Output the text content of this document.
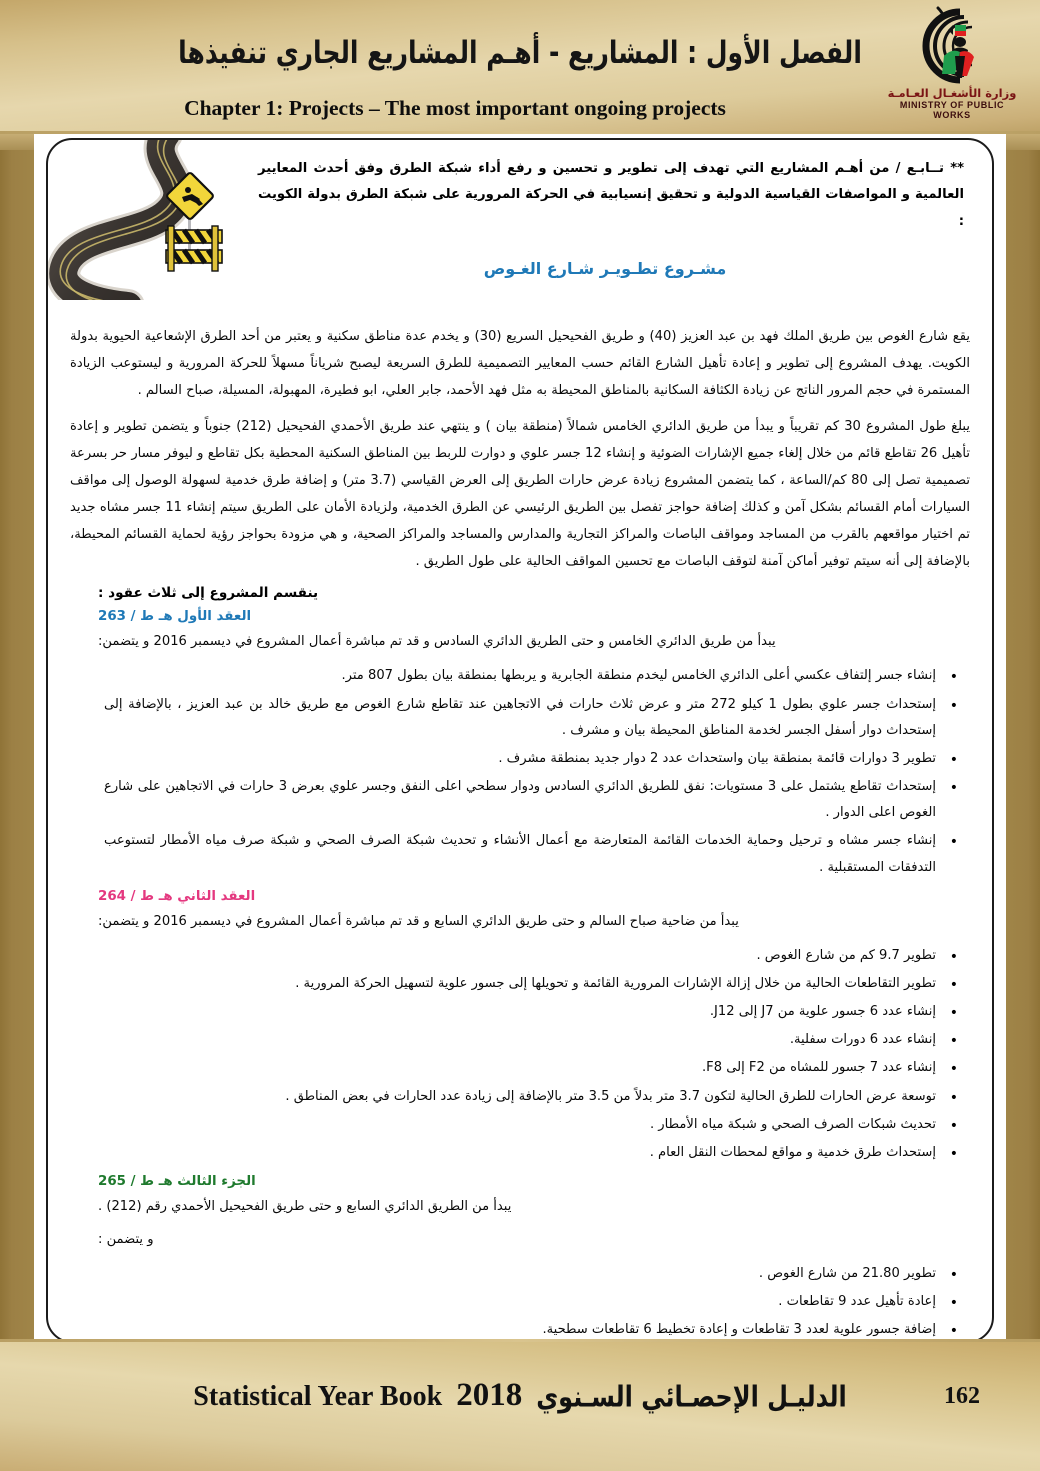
الفصل الأول : المشاريع - أهـم المشاريع الجاري تنفيذها
Chapter 1: Projects – The most important ongoing projects
وزارة الأشغـال العـامـة
MINISTRY OF PUBLIC WORKS
** تــابـع / من أهـم المشاريع التي تهدف إلى تطوير و تحسين و رفع أداء شبكة الطرق وفق أحدث المعايير العالمية و المواصفات القياسية الدولية و تحقيق إنسيابية في الحركة المرورية على شبكة الطرق بدولة الكويت :
مشـروع تطـويـر شـارع الغـوص

يقع شارع الغوص بين طريق الملك فهد بن عبد العزيز (40) و طريق الفحيحيل السريع (30) و يخدم عدة مناطق سكنية و يعتبر من أحد الطرق الإشعاعية الحيوية بدولة الكويت. يهدف المشروع إلى تطوير و إعادة تأهيل الشارع القائم حسب المعايير التصميمية للطرق السريعة ليصبح شرياناً مسهلاً للحركة المرورية و ليستوعب الزيادة المستمرة في حجم المرور الناتج عن زيادة الكثافة السكانية بالمناطق المحيطة به مثل فهد الأحمد، جابر العلي، ابو فطيرة، المهبولة، المسيلة، صباح السالم .

يبلغ طول المشروع 30 كم تقريباً و يبدأ من طريق الدائري الخامس شمالاً (منطقة بيان ) و ينتهي عند طريق الأحمدي الفحيحيل (212) جنوباً و يتضمن تطوير و إعادة تأهيل 26 تقاطع قائم من خلال إلغاء جميع الإشارات الضوئية و إنشاء 12 جسر علوي و دوارت للربط بين المناطق السكنية المحطية بكل تقاطع و ليوفر مسار حر بسرعة تصميمية تصل إلى 80 كم/الساعة ، كما يتضمن المشروع زيادة عرض حارات الطريق إلى العرض القياسي (3.7 متر) و إضافة طرق خدمية لسهولة الوصول إلى مواقف السيارات أمام القسائم بشكل آمن و كذلك إضافة حواجز تفصل بين الطريق الرئيسي عن الطرق الخدمية، ولزيادة الأمان على الطريق سيتم إنشاء 11 جسر مشاه جديد تم اختيار مواقعهم بالقرب من المساجد ومواقف الباصات والمراكز التجارية والمدارس والمساجد والمراكز الصحية، و هي مزودة بحواجز رؤية لحماية القسائم المحيطة، بالإضافة إلى أنه سيتم توفير أماكن آمنة لتوقف الباصات مع تحسين المواقف الحالية على طول الطريق .

ينقسم المشروع إلى ثلاث عقود :
العقد الأول هـ ط / 263
يبدأ من طريق الدائري الخامس و حتى الطريق الدائري السادس و قد تم مباشرة أعمال المشروع في ديسمبر 2016 و يتضمن:
• إنشاء جسر إلتفاف عكسي أعلى الدائري الخامس ليخدم منطقة الجابرية و يربطها بمنطقة بيان بطول 807 متر.
• إستحداث جسر علوي بطول 1 كيلو 272 متر و عرض ثلاث حارات في الاتجاهين عند تقاطع شارع الغوص مع طريق خالد بن عبد العزيز ، بالإضافة إلى إستحداث دوار أسفل الجسر لخدمة المناطق المحيطة بيان و مشرف .
• تطوير 3 دوارات قائمة بمنطقة بيان واستحداث عدد 2 دوار جديد بمنطقة مشرف .
• إستحداث تقاطع يشتمل على 3 مستويات: نفق للطريق الدائري السادس ودوار سطحي اعلى النفق وجسر علوي بعرض 3 حارات في الاتجاهين على شارع الغوص اعلى الدوار .
• إنشاء جسر مشاه و ترحيل وحماية الخدمات القائمة المتعارضة مع أعمال الأنشاء و تحديث شبكة الصرف الصحي و شبكة صرف مياه الأمطار لتستوعب التدفقات المستقبلية .
العقد الثاني هـ ط / 264
يبدأ من ضاحية صباح السالم و حتى طريق الدائري السابع و قد تم مباشرة أعمال المشروع في ديسمبر 2016 و يتضمن:
• تطوير 9.7 كم من شارع الغوص .
• تطوير التقاطعات الحالية من خلال إزالة الإشارات المرورية القائمة و تحويلها إلى جسور علوية لتسهيل الحركة المرورية .
• إنشاء عدد 6 جسور علوية من J7 إلى J12.
• إنشاء عدد 6 دورات سفلية.
• إنشاء عدد 7 جسور للمشاه من F2 إلى F8.
• توسعة عرض الحارات للطرق الحالية لتكون 3.7 متر بدلاً من 3.5 متر بالإضافة إلى زيادة عدد الحارات في بعض المناطق .
• تحديث شبكات الصرف الصحي و شبكة مياه الأمطار .
• إستحداث طرق خدمية و مواقع لمحطات النقل العام .
الجزء الثالث هـ ط / 265
يبدأ من الطريق الدائري السابع و حتى طريق الفحيحيل الأحمدي رقم (212) .
و يتضمن :
• تطوير 21.80 من شارع الغوص .
• إعادة تأهيل عدد 9 تقاطعات .
• إضافة جسور علوية لعدد 3 تقاطعات و إعادة تخطيط 6 تقاطعات سطحية.
Statistical Year Book 2018 الدليـل الإحصـائي السـنوي	162
